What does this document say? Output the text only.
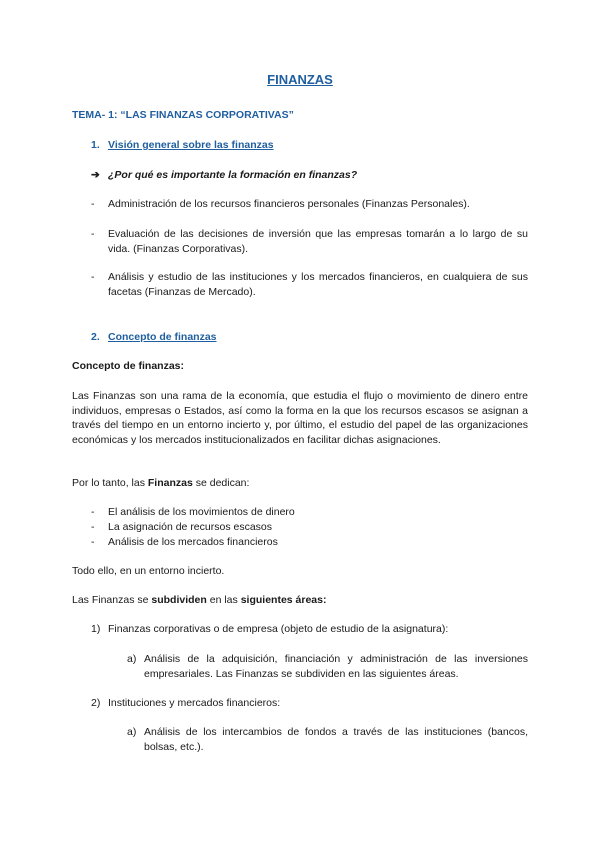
FINANZAS
TEMA- 1: “LAS FINANZAS CORPORATIVAS”
1. Visión general sobre las finanzas
➔ ¿Por qué es importante la formación en finanzas?
- Administración de los recursos financieros personales (Finanzas Personales).
- Evaluación de las decisiones de inversión que las empresas tomarán a lo largo de su vida. (Finanzas Corporativas).
- Análisis y estudio de las instituciones y los mercados financieros, en cualquiera de sus facetas (Finanzas de Mercado).
2. Concepto de finanzas
Concepto de finanzas:

Las Finanzas son una rama de la economía, que estudia el flujo o movimiento de dinero entre individuos, empresas o Estados, así como la forma en la que los recursos escasos se asignan a través del tiempo en un entorno incierto y, por último, el estudio del papel de las organizaciones económicas y los mercados institucionalizados en facilitar dichas asignaciones.

Por lo tanto, las Finanzas se dedican:
- El análisis de los movimientos de dinero
- La asignación de recursos escasos
- Análisis de los mercados financieros
Todo ello, en un entorno incierto.
Las Finanzas se subdividen en las siguientes áreas:
1) Finanzas corporativas o de empresa (objeto de estudio de la asignatura):
a) Análisis de la adquisición, financiación y administración de las inversiones empresariales. Las Finanzas se subdividen en las siguientes áreas.
2) Instituciones y mercados financieros:
a) Análisis de los intercambios de fondos a través de las instituciones (bancos, bolsas, etc.).
